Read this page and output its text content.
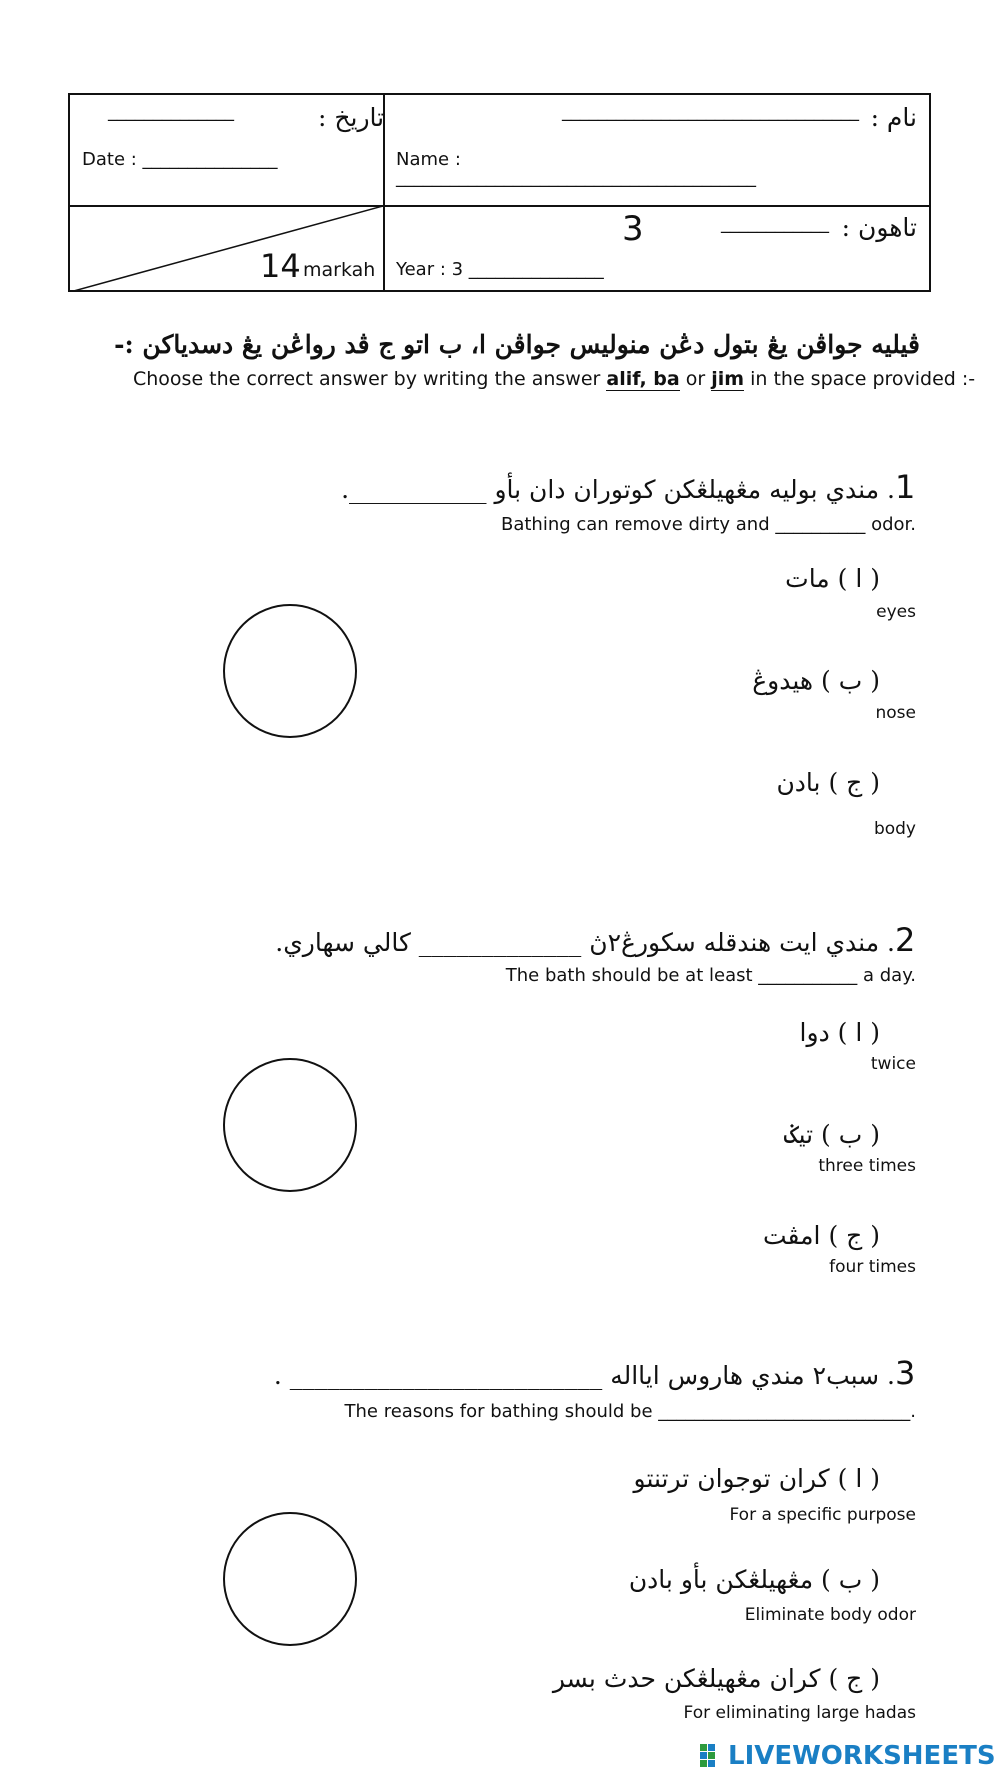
نام :
_________________________________
Name :
________________________________________
تاريخ :
______________
Date : _______________
تاهون :
____________
3
Year : 3 _______________
14 markah
ڤيليه جواڤن يڠ بتول دڠن منوليس جواڤن ا، ب اتو ج ڤد رواڠن يڠ دسدياکن :-
Choose the correct answer by writing the answer alif, ba or jim in the space provided :-
1
. مندي بوليه مڠهيلڠکن کوتوران دان بأو ___________.
Bathing can remove dirty and __________ odor.
( ا ) مات
eyes
( ب ) هيدوڠ
nose
( ج ) بادن
body
2
. مندي ايت هندقله سکورڠ٢ڽ _____________ کالي سهاري.
The bath should be at least ___________ a day.
( ا ) دوا
twice
( ب ) تيݢ
three times
( ج ) امڤت
four times
3
. سبب٢ مندي هاروس ايااله _________________________ .
The reasons for bathing should be ____________________________.
( ا ) کران توجوان ترتنتو
For a specific purpose
( ب ) مڠهيلڠکن بأو بادن
Eliminate body odor
( ج ) کران مڠهيلڠکن حدث بسر
For eliminating large hadas
LIVEWORKSHEETS
